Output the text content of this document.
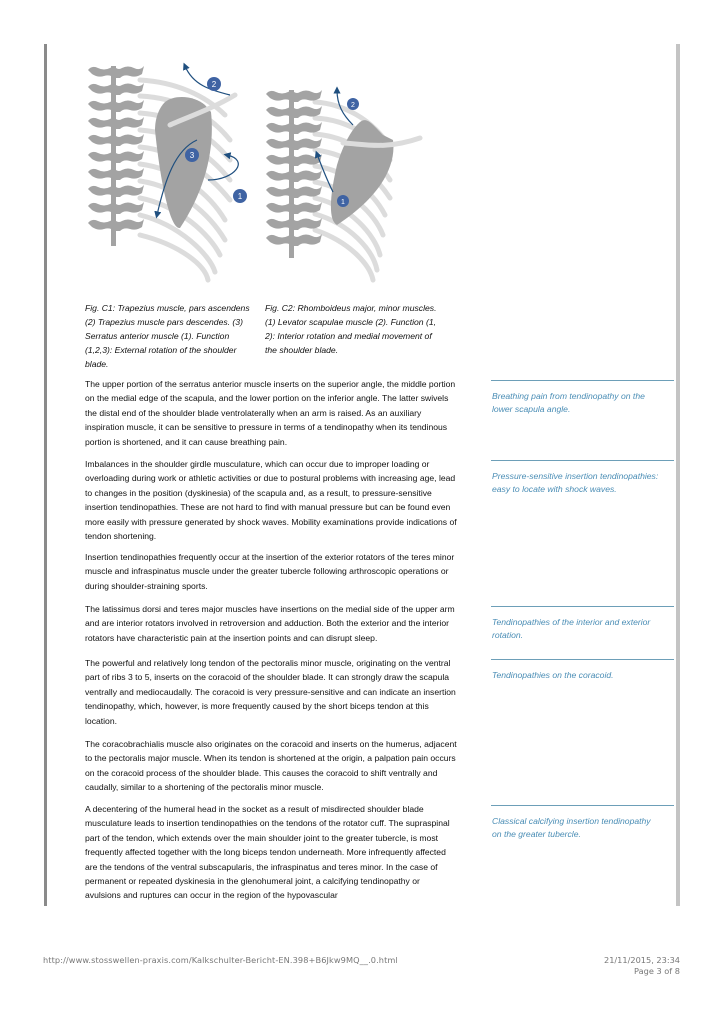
2
3
1
2
1
Fig. C1: Trapezius muscle, pars ascendens (2) Trapezius muscle pars descendes. (3) Serratus anterior muscle (1). Function (1,2,3): External rotation of the shoulder blade.
Fig. C2: Rhomboideus major, minor muscles. (1) Levator scapulae muscle (2). Function (1, 2): Interior rotation and medial movement of the shoulder blade.

The upper portion of the serratus anterior muscle inserts on the superior angle, the middle portion on the medial edge of the scapula, and the lower portion on the inferior angle. The latter swivels the distal end of the shoulder blade ventrolaterally when an arm is raised. As an auxiliary inspiration muscle, it can be sensitive to pressure in terms of a tendinopathy when its tendinous portion is shortened, and it can cause breathing pain.

Imbalances in the shoulder girdle musculature, which can occur due to improper loading or overloading during work or athletic activities or due to postural problems with increasing age, lead to changes in the position (dyskinesia) of the scapula and, as a result, to pressure-sensitive insertion tendinopathies. These are not hard to find with manual pressure but can be found even more easily with pressure generated by shock waves. Mobility examinations provide indications of tendon shortening.

Insertion tendinopathies frequently occur at the insertion of the exterior rotators of the teres minor muscle and infraspinatus muscle under the greater tubercle following arthroscopic operations or during shoulder-straining sports.

The latissimus dorsi and teres major muscles have insertions on the medial side of the upper arm and are interior rotators involved in retroversion and adduction. Both the exterior and the interior rotators have characteristic pain at the insertion points and can disrupt sleep.

The powerful and relatively long tendon of the pectoralis minor muscle, originating on the ventral part of ribs 3 to 5, inserts on the coracoid of the shoulder blade. It can strongly draw the scapula ventrally and mediocaudally. The coracoid is very pressure-sensitive and can indicate an insertion tendinopathy, which, however, is more frequently caused by the short biceps tendon at this location.

The coracobrachialis muscle also originates on the coracoid and inserts on the humerus, adjacent to the pectoralis major muscle. When its tendon is shortened at the origin, a palpation pain occurs on the coracoid process of the shoulder blade. This causes the coracoid to shift ventrally and caudally, similar to a shortening of the pectoralis minor muscle.

A decentering of the humeral head in the socket as a result of misdirected shoulder blade musculature leads to insertion tendinopathies on the tendons of the rotator cuff. The supraspinal part of the tendon, which extends over the main shoulder joint to the greater tubercle, is most frequently affected together with the long biceps tendon underneath. More infrequently affected are the tendons of the ventral subscapularis, the infraspinatus and teres minor. In the case of permanent or repeated dyskinesia in the glenohumeral joint, a calcifying tendinopathy or avulsions and ruptures can occur in the region of the hypovascular

Breathing pain from tendinopathy on the lower scapula angle.
Pressure-sensitive insertion tendinopathies: easy to locate with shock waves.
Tendinopathies of the interior and exterior rotation.
Tendinopathies on the coracoid.
Classical calcifying insertion tendinopathy on the greater tubercle.
http://www.stosswellen-praxis.com/Kalkschulter-Bericht-EN.398+B6Jkw9MQ__.0.html	21/11/2015, 23:34
Page 3 of 8
